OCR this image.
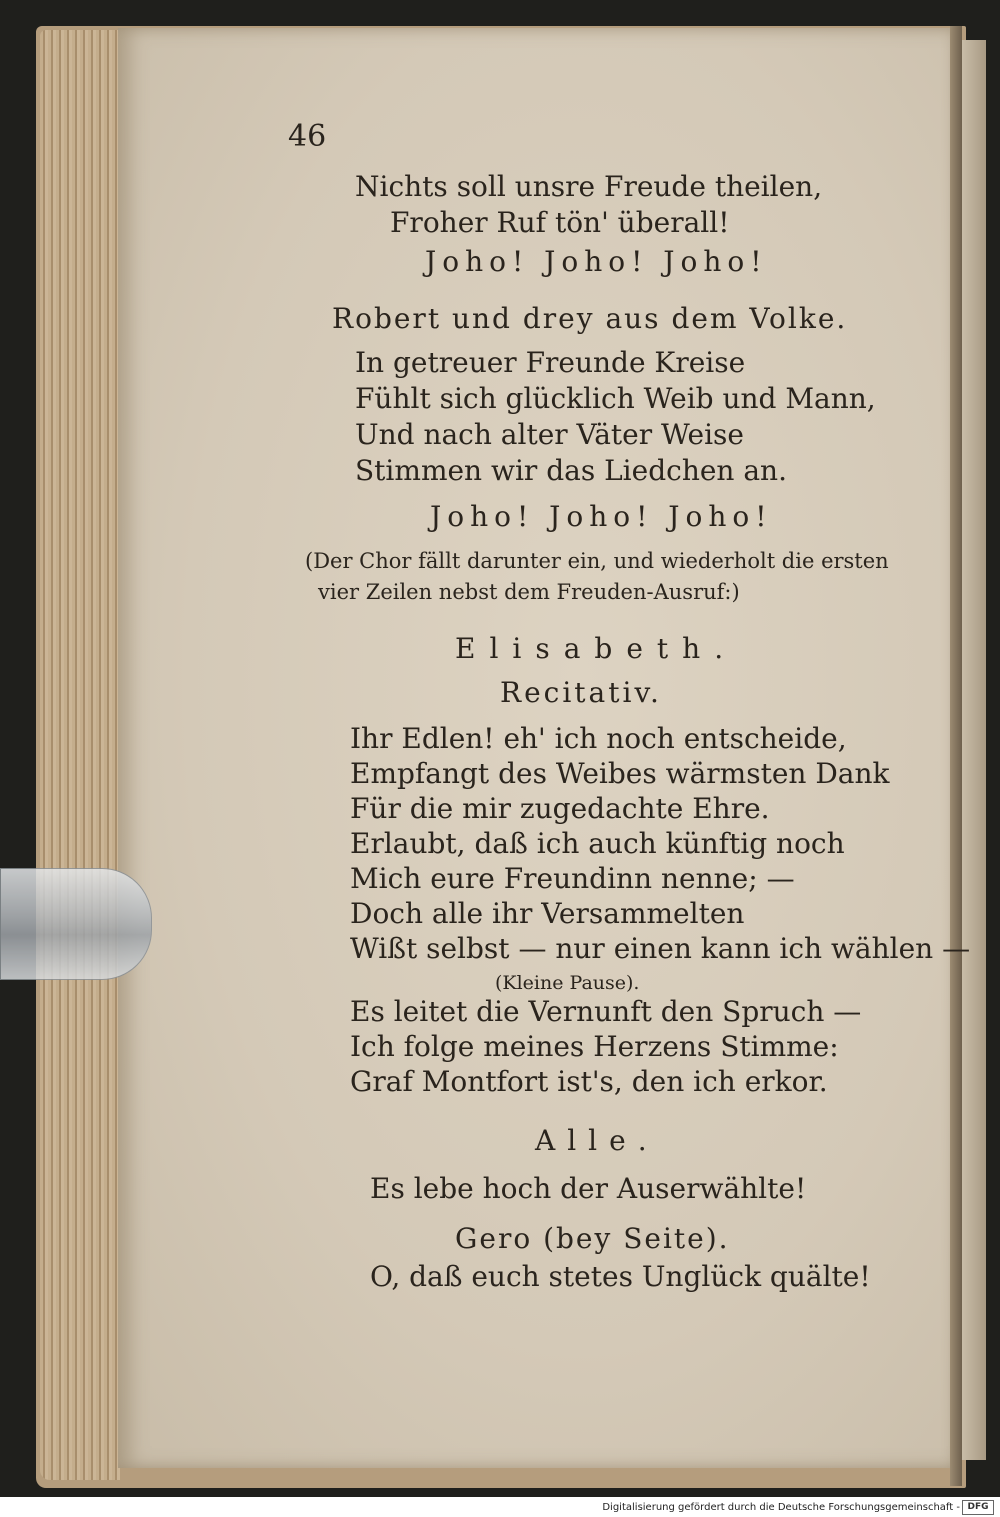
46
Nichts soll unsre Freude theilen,
Froher Ruf tön' überall!
Joho! Joho! Joho!
Robert und drey aus dem Volke.
In getreuer Freunde Kreise
Fühlt sich glücklich Weib und Mann,
Und nach alter Väter Weise
Stimmen wir das Liedchen an.
Joho! Joho! Joho!
(Der Chor fällt darunter ein, und wiederholt die ersten
vier Zeilen nebst dem Freuden-Ausruf:)
Elisabeth.
Recitativ.
Ihr Edlen! eh' ich noch entscheide,
Empfangt des Weibes wärmsten Dank
Für die mir zugedachte Ehre.
Erlaubt, daß ich auch künftig noch
Mich eure Freundinn nenne; —
Doch alle ihr Versammelten
Wißt selbst — nur einen kann ich wählen —
(Kleine Pause).
Es leitet die Vernunft den Spruch —
Ich folge meines Herzens Stimme:
Graf Montfort ist's, den ich erkor.
Alle.
Es lebe hoch der Auserwählte!
Gero (bey Seite).
O, daß euch stetes Unglück quälte!
Digitalisierung gefördert durch die Deutsche Forschungsgemeinschaft - DFG
